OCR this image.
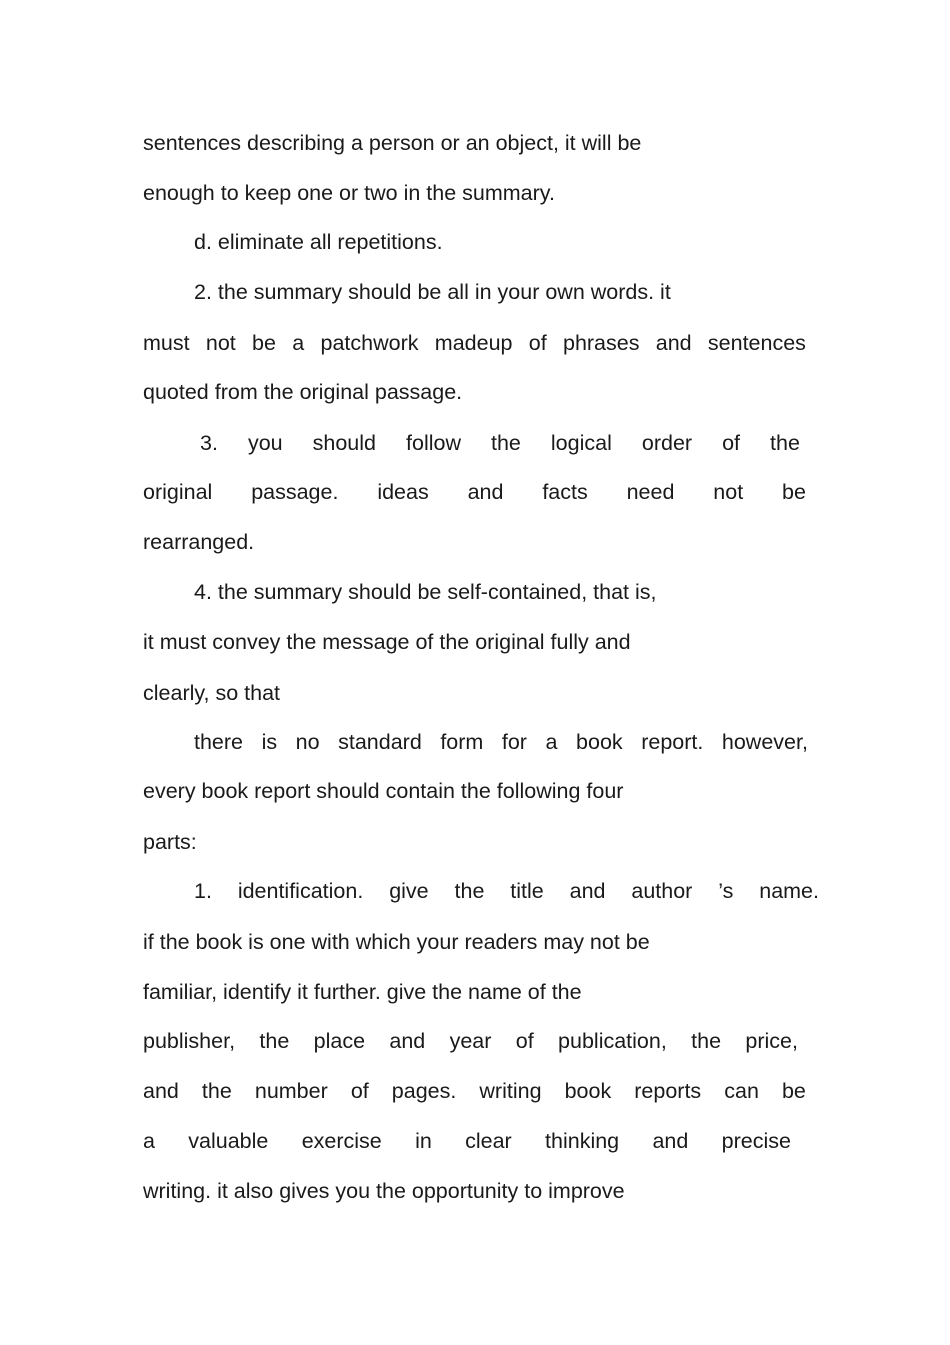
sentences describing a person or an object, it will be
enough to keep one or two in the summary.
d. eliminate all repetitions.
2. the summary should be all in your own words. it
must not be a patchwork madeup of phrases and sentences
quoted from the original passage.
3. you should follow the logical order of the
original passage. ideas and facts need not be
rearranged.
4. the summary should be self-contained, that is,
it must convey the message of the original fully and
clearly, so that
there is no standard form for a book report. however,
every book report should contain the following four
parts:
1. identification. give the title and author ’s name.
if the book is one with which your readers may not be
familiar, identify it further. give the name of the
publisher, the place and year of publication, the price,
and the number of pages. writing book reports can be
a valuable exercise in clear thinking and precise
writing. it also gives you the opportunity to improve
